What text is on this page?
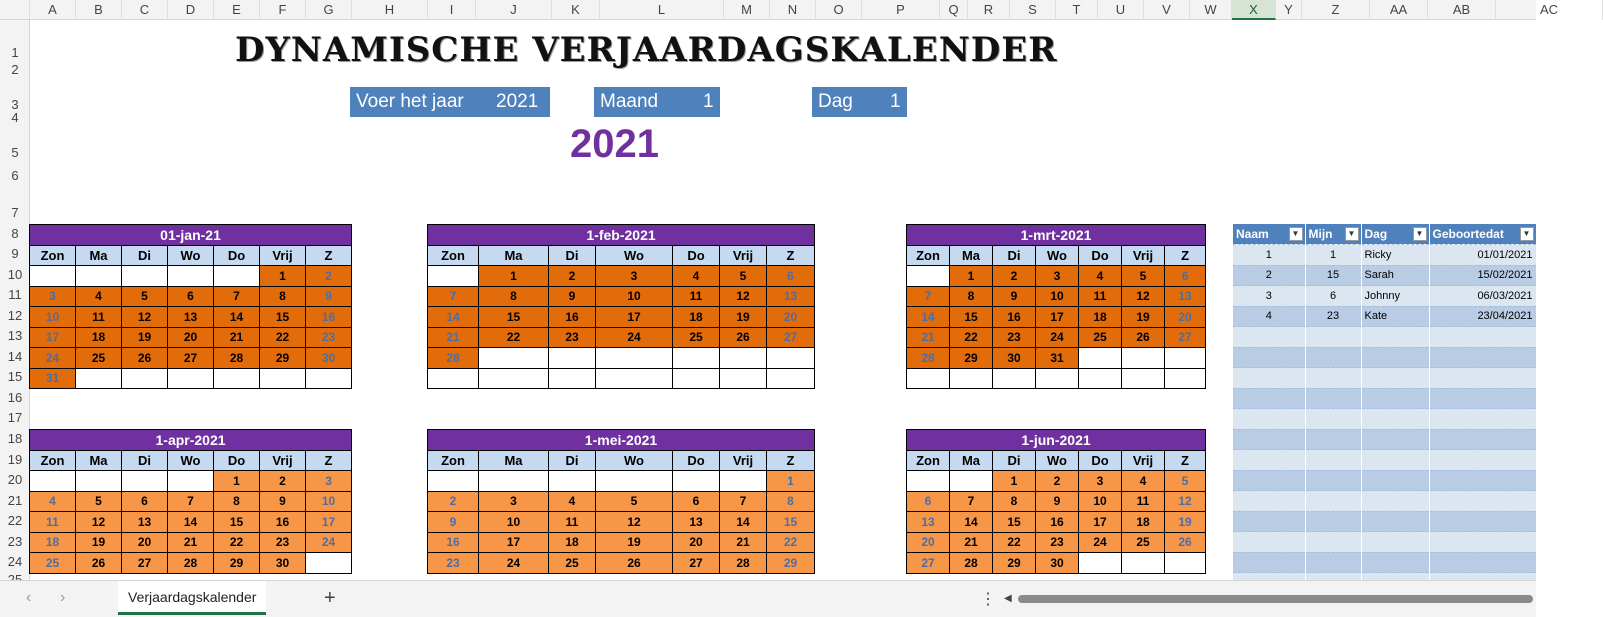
A	B	C	D	E	F	G	H	I	J	K	L	M	N	O	P	Q	R	S	T	U	V	W	X	Y	Z	AA	AB	AC
1
2
3
4
5
6
7
8
9
10
11
12
13
14
15
16
17
18
19
20
21
22
23
24
DYNAMISCHE VERJAARDAGSKALENDER
Voer het jaar 2021	Maand 1	Dag 1
2021
01-jan-21						
Zon	Ma	Di	Wo	Do	Vrij	Z
					1	2
3	4	5	6	7	8	9
10	11	12	13	14	15	16
17	18	19	20	21	22	23
24	25	26	27	28	29	30
31						
1-feb-2021						
Zon	Ma	Di	Wo	Do	Vrij	Z
	1	2	3	4	5	6
7	8	9	10	11	12	13
14	15	16	17	18	19	20
21	22	23	24	25	26	27
28						

1-mrt-2021						
Zon	Ma	Di	Wo	Do	Vrij	Z
	1	2	3	4	5	6
7	8	9	10	11	12	13
14	15	16	17	18	19	20
21	22	23	24	25	26	27
28	29	30	31			

1-apr-2021						
Zon	Ma	Di	Wo	Do	Vrij	Z
				1	2	3
4	5	6	7	8	9	10
11	12	13	14	15	16	17
18	19	20	21	22	23	24
25	26	27	28	29	30	
1-mei-2021						
Zon	Ma	Di	Wo	Do	Vrij	Z
						1
2	3	4	5	6	7	8
9	10	11	12	13	14	15
16	17	18	19	20	21	22
23	24	25	26	27	28	29
1-jun-2021						
Zon	Ma	Di	Wo	Do	Vrij	Z
		1	2	3	4	5
6	7	8	9	10	11	12
13	14	15	16	17	18	19
20	21	22	23	24	25	26
27	28	29	30			
Naam ▼	Mijn ▼	Dag ▼	Geboortedat ▼

1	1	Ricky	01/01/2021
2	15	Sarah	15/02/2021
3	6	Johnny	06/03/2021
4	23	Kate	23/04/2021

‹ ›	Verjaardagskalender	+	⋮ ◀
